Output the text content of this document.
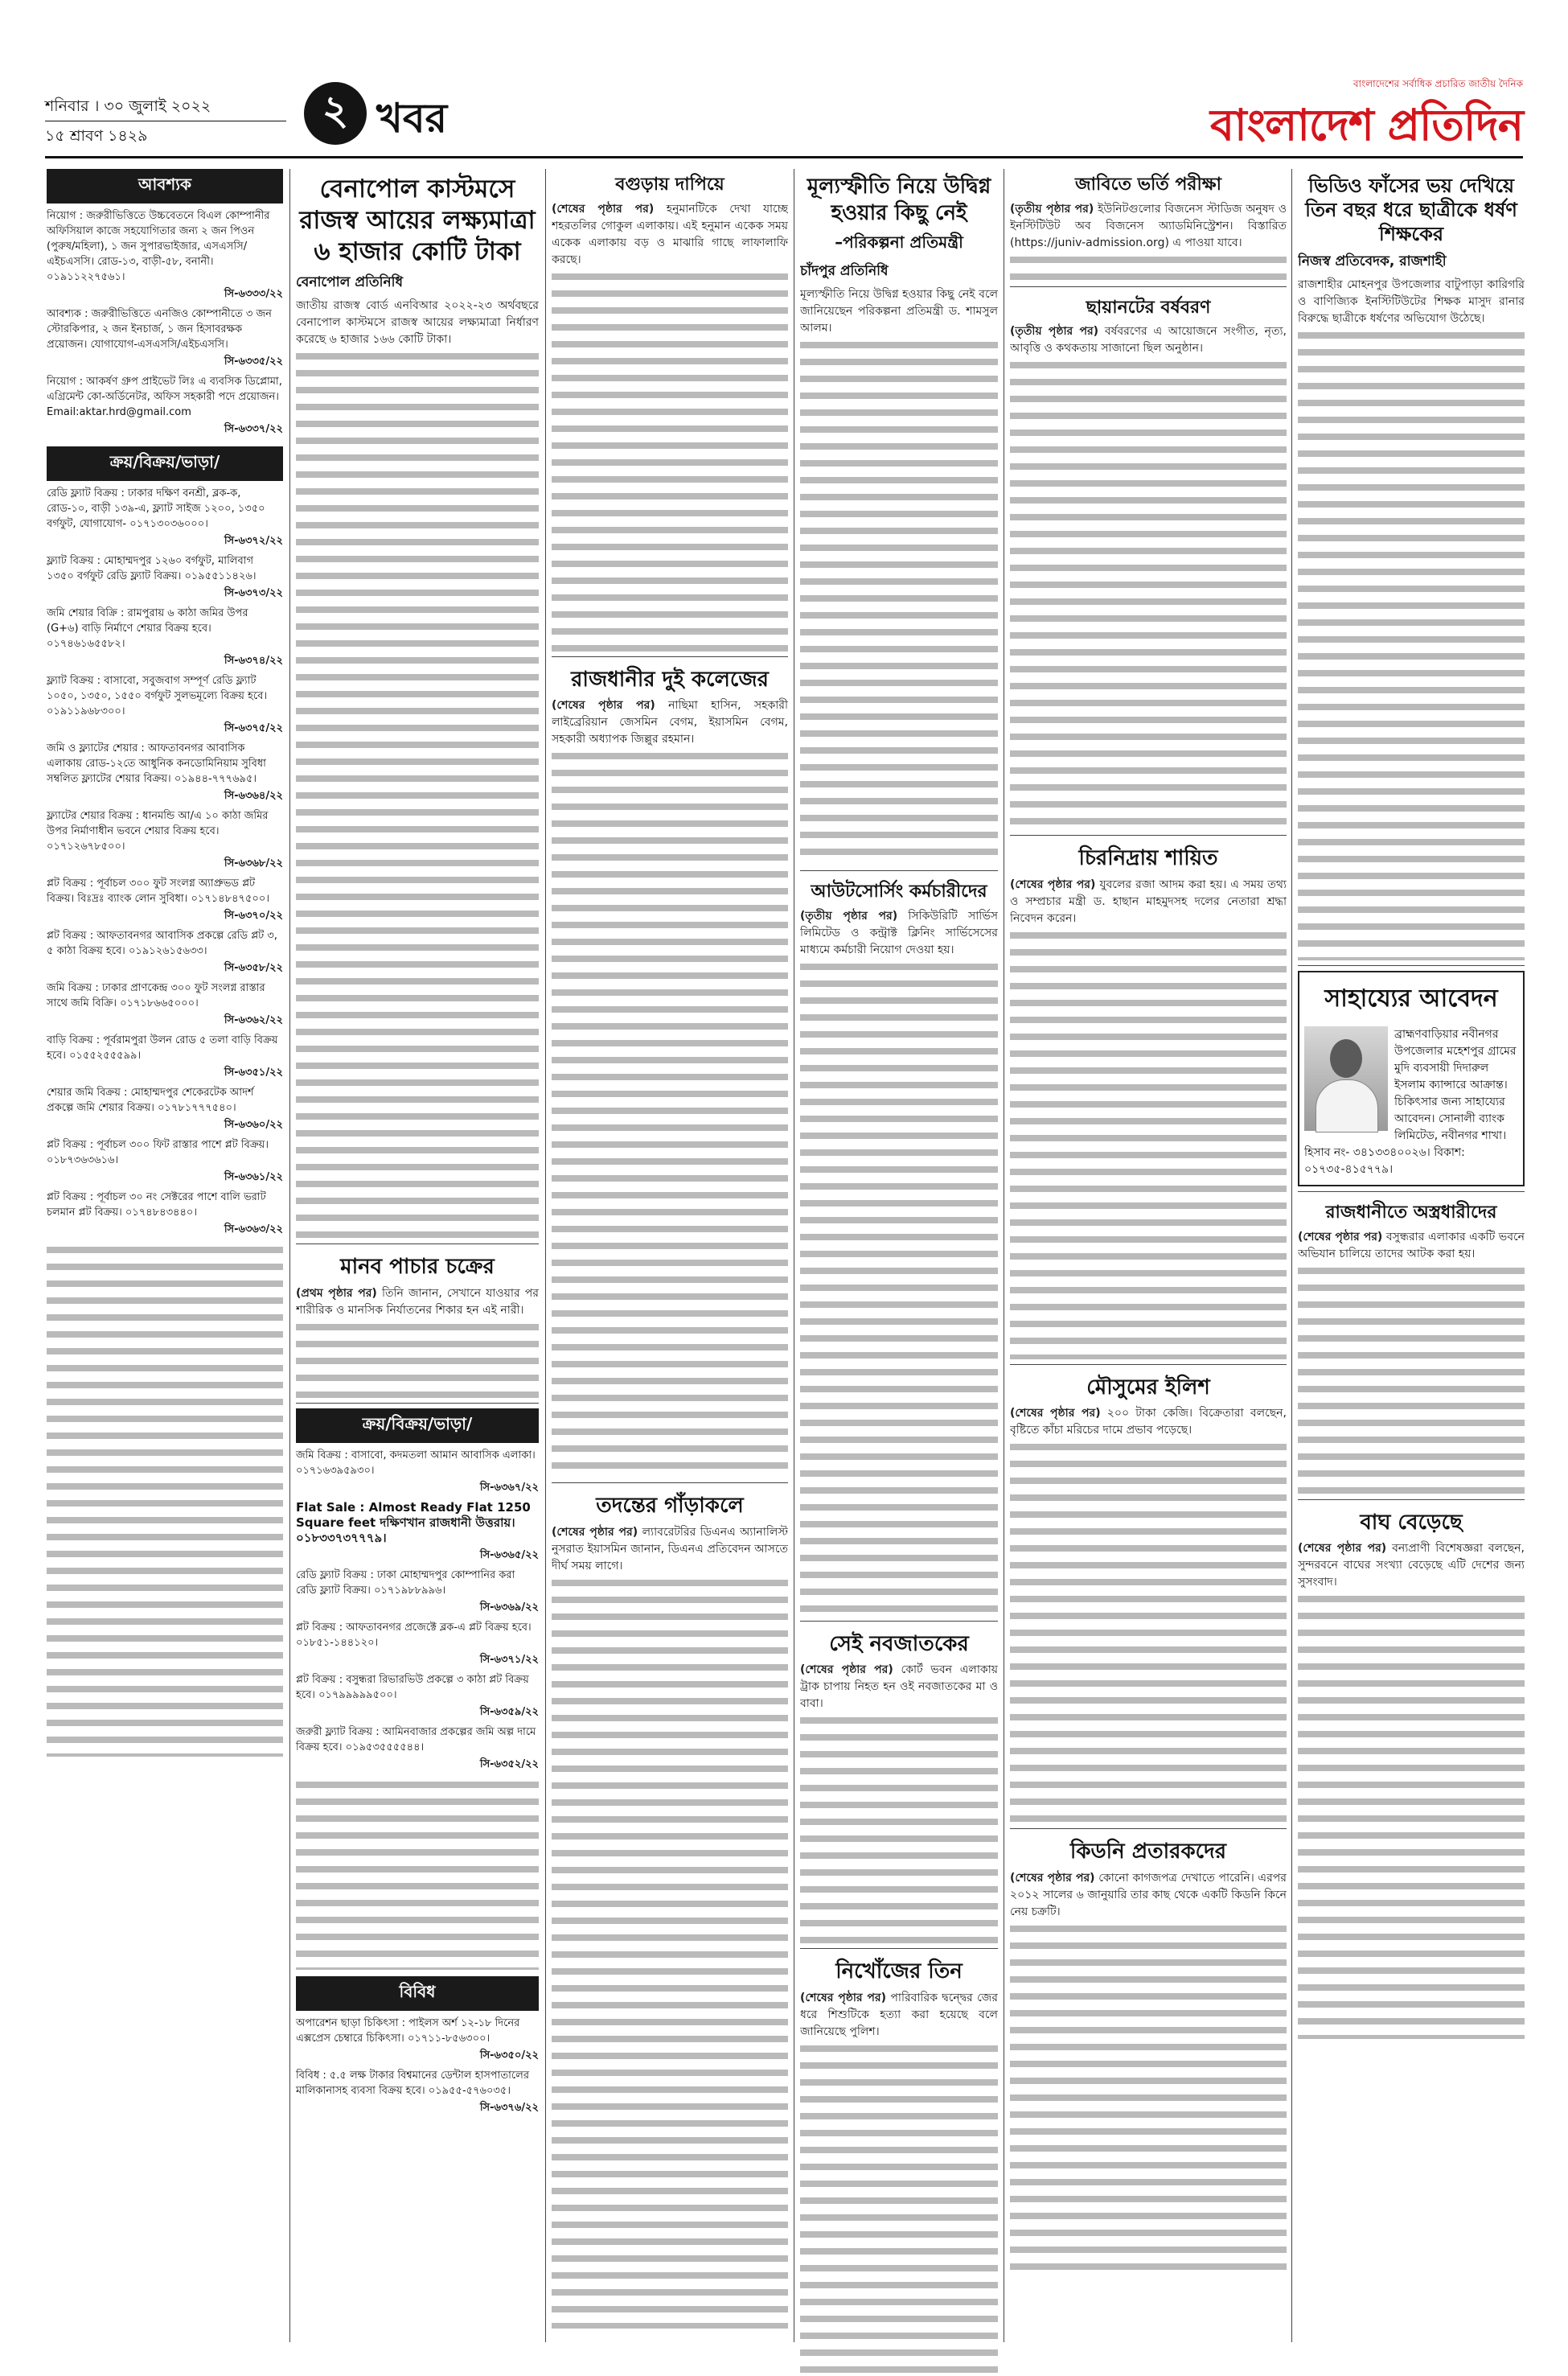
শনিবার । ৩০ জুলাই ২০২২
১৫ শ্রাবণ ১৪২৯
২ খবর
বাংলাদেশের সর্বাধিক প্রচারিত জাতীয় দৈনিক
বাংলাদেশ প্রতিদিন
আবশ্যক
নিয়োগ : জরুরীভিত্তিতে উচ্চবেতনে বিএল কোম্পানীর অফিসিয়াল কাজে সহযোগিতার জন্য ২ জন পিওন (পুরুষ/মহিলা), ১ জন সুপারভাইজার, এসএসসি/এইচএসসি। রোড-১৩, বাড়ী-৫৮, বনানী। ০১৯১১২২৭৫৬১।
সি-৬৩৩৩/২২
আবশ্যক : জরুরীভিত্তিতে এনজিও কোম্পানীতে ৩ জন স্টোরকিপার, ২ জন ইনচার্জ, ১ জন হিসাবরক্ষক প্রয়োজন। যোগাযোগ-এসএসসি/এইচএসসি।
সি-৬৩৩৫/২২
নিয়োগ : আকর্ষণ গ্রুপ প্রাইভেট লিঃ এ ব্যবসিক ডিপ্লোমা, এগ্রিমেন্ট কো-অর্ডিনেটর, অফিস সহকারী পদে প্রয়োজন। Email:aktar.hrd@gmail.com
সি-৬৩৩৭/২২
ক্রয়/বিক্রয়/ভাড়া/
রেডি ফ্ল্যাট বিক্রয় : ঢাকার দক্ষিণ বনশ্রী, ব্লক-ক, রোড-১০, বাড়ী ১৩৯-এ, ফ্ল্যাট সাইজ ১২০০, ১৩৫০ বর্গফুট, যোগাযোগ- ০১৭১৩০৩৬০০০।
সি-৬৩৭২/২২
ফ্ল্যাট বিক্রয় : মোহাম্মদপুর ১২৬০ বর্গফুট, মালিবাগ ১৩৫০ বর্গফুট রেডি ফ্ল্যাট বিক্রয়। ০১৯৫৫১১৪২৬।
সি-৬৩৭৩/২২
জমি শেয়ার বিক্রি : রামপুরায় ৬ কাঠা জমির উপর (G+৬) বাড়ি নির্মাণে শেয়ার বিক্রয় হবে। ০১৭৪৬১৬৫৫৮২।
সি-৬৩৭৪/২২
ফ্ল্যাট বিক্রয় : বাসাবো, সবুজবাগ সম্পূর্ণ রেডি ফ্ল্যাট ১০৫০, ১৩৫০, ১৫৫০ বর্গফুট সুলভমূল্যে বিক্রয় হবে। ০১৯১১৯৬৮৩০০।
সি-৬৩৭৫/২২
জমি ও ফ্ল্যাটের শেয়ার : আফতাবনগর আবাসিক এলাকায় রোড-১২তে আধুনিক কনডোমিনিয়াম সুবিধা সম্বলিত ফ্ল্যাটের শেয়ার বিক্রয়। ০১৯৪৪-৭৭৭৬৯৫।
সি-৬৩৬৪/২২
ফ্ল্যাটের শেয়ার বিক্রয় : ধানমন্ডি আ/এ ১০ কাঠা জমির উপর নির্মাণাধীন ভবনে শেয়ার বিক্রয় হবে। ০১৭১২৬৭৮৫০০।
সি-৬৩৬৮/২২
প্লট বিক্রয় : পূর্বাচল ৩০০ ফুট সংলগ্ন অ্যাপ্রুভড প্লট বিক্রয়। বিঃদ্রঃ ব্যাংক লোন সুবিধা। ০১৭১৪৮৪৭৫০০।
সি-৬৩৭০/২২
প্লট বিক্রয় : আফতাবনগর আবাসিক প্রকল্পে রেডি প্লট ৩, ৫ কাঠা বিক্রয় হবে। ০১৯১২৬১৫৬৩৩।
সি-৬৩৫৮/২২
জমি বিক্রয় : ঢাকার প্রাণকেন্দ্র ৩০০ ফুট সংলগ্ন রাস্তার সাথে জমি বিক্রি। ০১৭১৮৬৬৫০০০।
সি-৬৩৬২/২২
বাড়ি বিক্রয় : পূর্বরামপুরা উলন রোড ৫ তলা বাড়ি বিক্রয় হবে। ০১৫৫২৫৫৫৯৯।
সি-৬৩৫১/২২
শেয়ার জমি বিক্রয় : মোহাম্মদপুর শেকেরটেক আদর্শ প্রকল্পে জমি শেয়ার বিক্রয়। ০১৭৮১৭৭৭৫৪০।
সি-৬৩৬০/২২
প্লট বিক্রয় : পূর্বাচল ৩০০ ফিট রাস্তার পাশে প্লট বিক্রয়। ০১৮৭৩৬৩৬১৬।
সি-৬৩৬১/২২
প্লট বিক্রয় : পূর্বাচল ৩০ নং সেক্টরের পাশে বালি ভরাট চলমান প্লট বিক্রয়। ০১৭৪৮৪৩৪৪০।
সি-৬৩৬৩/২২
বেনাপোল কাস্টমসে রাজস্ব আয়ের লক্ষ্যমাত্রা ৬ হাজার কোটি টাকা
বেনাপোল প্রতিনিধি
জাতীয় রাজস্ব বোর্ড এনবিআর ২০২২-২৩ অর্থবছরে বেনাপোল কাস্টমসে রাজস্ব আয়ের লক্ষ্যমাত্রা নির্ধারণ করেছে ৬ হাজার ১৬৬ কোটি টাকা।
মানব পাচার চক্রের
(প্রথম পৃষ্ঠার পর) তিনি জানান, সেখানে যাওয়ার পর শারীরিক ও মানসিক নির্যাতনের শিকার হন এই নারী।
ক্রয়/বিক্রয়/ভাড়া/
জমি বিক্রয় : বাসাবো, কদমতলা আমান আবাসিক এলাকা। ০১৭১৬৩৯৫৯৩০।
সি-৬৩৬৭/২২
Flat Sale : Almost Ready Flat 1250 Square feet দক্ষিণখান রাজধানী উত্তরায়। ০১৮৩৩৭৩৭৭৭৯।
সি-৬৩৬৫/২২
রেডি ফ্ল্যাট বিক্রয় : ঢাকা মোহাম্মদপুর কোম্পানির করা রেডি ফ্ল্যাট বিক্রয়। ০১৭১৯৮৮৯৯৬।
সি-৬৩৬৯/২২
প্লট বিক্রয় : আফতাবনগর প্রজেক্টে ব্লক-এ প্লট বিক্রয় হবে। ০১৮৫১-১৪৪১২০।
সি-৬৩৭১/২২
প্লট বিক্রয় : বসুন্ধরা রিভারভিউ প্রকল্পে ৩ কাঠা প্লট বিক্রয় হবে। ০১৭৯৯৯৯৯৫০০।
সি-৬৩৫৯/২২
জরুরী ফ্ল্যাট বিক্রয় : আমিনবাজার প্রকল্পের জমি অল্প দামে বিক্রয় হবে। ০১৯৫৩৫৫৫৫৪৪।
সি-৬৩৫২/২২
বিবিধ
অপারেশন ছাড়া চিকিৎসা : পাইলস অর্শ ১২-১৮ দিনের এক্সপ্রেস চেম্বারে চিকিৎসা। ০১৭১১-৮৫৬৩০০।
সি-৬৩৫০/২২
বিবিধ : ৫.৫ লক্ষ টাকার বিশ্বমানের ডেন্টাল হাসপাতালের মালিকানাসহ ব্যবসা বিক্রয় হবে। ০১৯৫৫-৫৭৬০৩৫।
সি-৬৩৭৬/২২
বগুড়ায় দাপিয়ে
(শেষের পৃষ্ঠার পর) হনুমানটিকে দেখা যাচ্ছে শহরতলির গোকুল এলাকায়। এই হনুমান একেক সময় একেক এলাকায় বড় ও মাঝারি গাছে লাফালাফি করছে।
রাজধানীর দুই কলেজের
(শেষের পৃষ্ঠার পর) নাছিমা হাসিন, সহকারী লাইব্রেরিয়ান জেসমিন বেগম, ইয়াসমিন বেগম, সহকারী অধ্যাপক জিল্লুর রহমান।
তদন্তের গাঁড়াকলে
(শেষের পৃষ্ঠার পর) ল্যাবরেটরির ডিএনএ অ্যানালিস্ট নুসরাত ইয়াসমিন জানান, ডিএনএ প্রতিবেদন আসতে দীর্ঘ সময় লাগে।
মূল্যস্ফীতি নিয়ে উদ্বিগ্ন হওয়ার কিছু নেই
–পরিকল্পনা প্রতিমন্ত্রী
চাঁদপুর প্রতিনিধি
মূল্যস্ফীতি নিয়ে উদ্বিগ্ন হওয়ার কিছু নেই বলে জানিয়েছেন পরিকল্পনা প্রতিমন্ত্রী ড. শামসুল আলম।
আউটসোর্সিং কর্মচারীদের
(তৃতীয় পৃষ্ঠার পর) সিকিউরিটি সার্ভিস লিমিটেড ও কন্ট্রাক্ট ক্লিনিং সার্ভিসেসের মাধ্যমে কর্মচারী নিয়োগ দেওয়া হয়।
সেই নবজাতকের
(শেষের পৃষ্ঠার পর) কোর্ট ভবন এলাকায় ট্রাক চাপায় নিহত হন ওই নবজাতকের মা ও বাবা।
নিখোঁজের তিন
(শেষের পৃষ্ঠার পর) পারিবারিক দ্বন্দ্বের জের ধরে শিশুটিকে হত্যা করা হয়েছে বলে জানিয়েছে পুলিশ।
জাবিতে ভর্তি পরীক্ষা
(তৃতীয় পৃষ্ঠার পর) ইউনিটগুলোর বিজনেস স্টাডিজ অনুষদ ও ইনস্টিটিউট অব বিজনেস অ্যাডমিনিস্ট্রেশন। বিস্তারিত (https://juniv-admission.org) এ পাওয়া যাবে।
ছায়ানটের বর্ষবরণ
(তৃতীয় পৃষ্ঠার পর) বর্ষবরণের এ আয়োজনে সংগীত, নৃত্য, আবৃত্তি ও কথকতায় সাজানো ছিল অনুষ্ঠান।
চিরনিদ্রায় শায়িত
(শেষের পৃষ্ঠার পর) যুবলের রজা আদম করা হয়। এ সময় তথ্য ও সম্প্রচার মন্ত্রী ড. হাছান মাহমুদসহ দলের নেতারা শ্রদ্ধা নিবেদন করেন।
মৌসুমের ইলিশ
(শেষের পৃষ্ঠার পর) ২০০ টাকা কেজি। বিক্রেতারা বলছেন, বৃষ্টিতে কাঁচা মরিচের দামে প্রভাব পড়েছে।
কিডনি প্রতারকদের
(শেষের পৃষ্ঠার পর) কোনো কাগজপত্র দেখাতে পারেনি। এরপর ২০১২ সালের ৬ জানুয়ারি তার কাছ থেকে একটি কিডনি কিনে নেয় চক্রটি।
ভিডিও ফাঁসের ভয় দেখিয়ে তিন বছর ধরে ছাত্রীকে ধর্ষণ শিক্ষকের
নিজস্ব প্রতিবেদক, রাজশাহী
রাজশাহীর মোহনপুর উপজেলার বাটুপাড়া কারিগরি ও বাণিজ্যিক ইনস্টিটিউটের শিক্ষক মাসুদ রানার বিরুদ্ধে ছাত্রীকে ধর্ষণের অভিযোগ উঠেছে।
সাহায্যের আবেদন
ব্রাহ্মণবাড়িয়ার নবীনগর উপজেলার মহেশপুর গ্রামের মুদি ব্যবসায়ী দিদারুল ইসলাম ক্যান্সারে আক্রান্ত। চিকিৎসার জন্য সাহায্যের আবেদন। সোনালী ব্যাংক লিমিটেড, নবীনগর শাখা। হিসাব নং- ৩৪১৩৩৪০০২৬। বিকাশ: ০১৭৩৫-৪১৫৭৭৯।
রাজধানীতে অস্ত্রধারীদের
(শেষের পৃষ্ঠার পর) বসুন্ধরার এলাকার একটি ভবনে অভিযান চালিয়ে তাদের আটক করা হয়।
বাঘ বেড়েছে
(শেষের পৃষ্ঠার পর) বন্যপ্রাণী বিশেষজ্ঞরা বলছেন, সুন্দরবনে বাঘের সংখ্যা বেড়েছে এটি দেশের জন্য সুসংবাদ।
